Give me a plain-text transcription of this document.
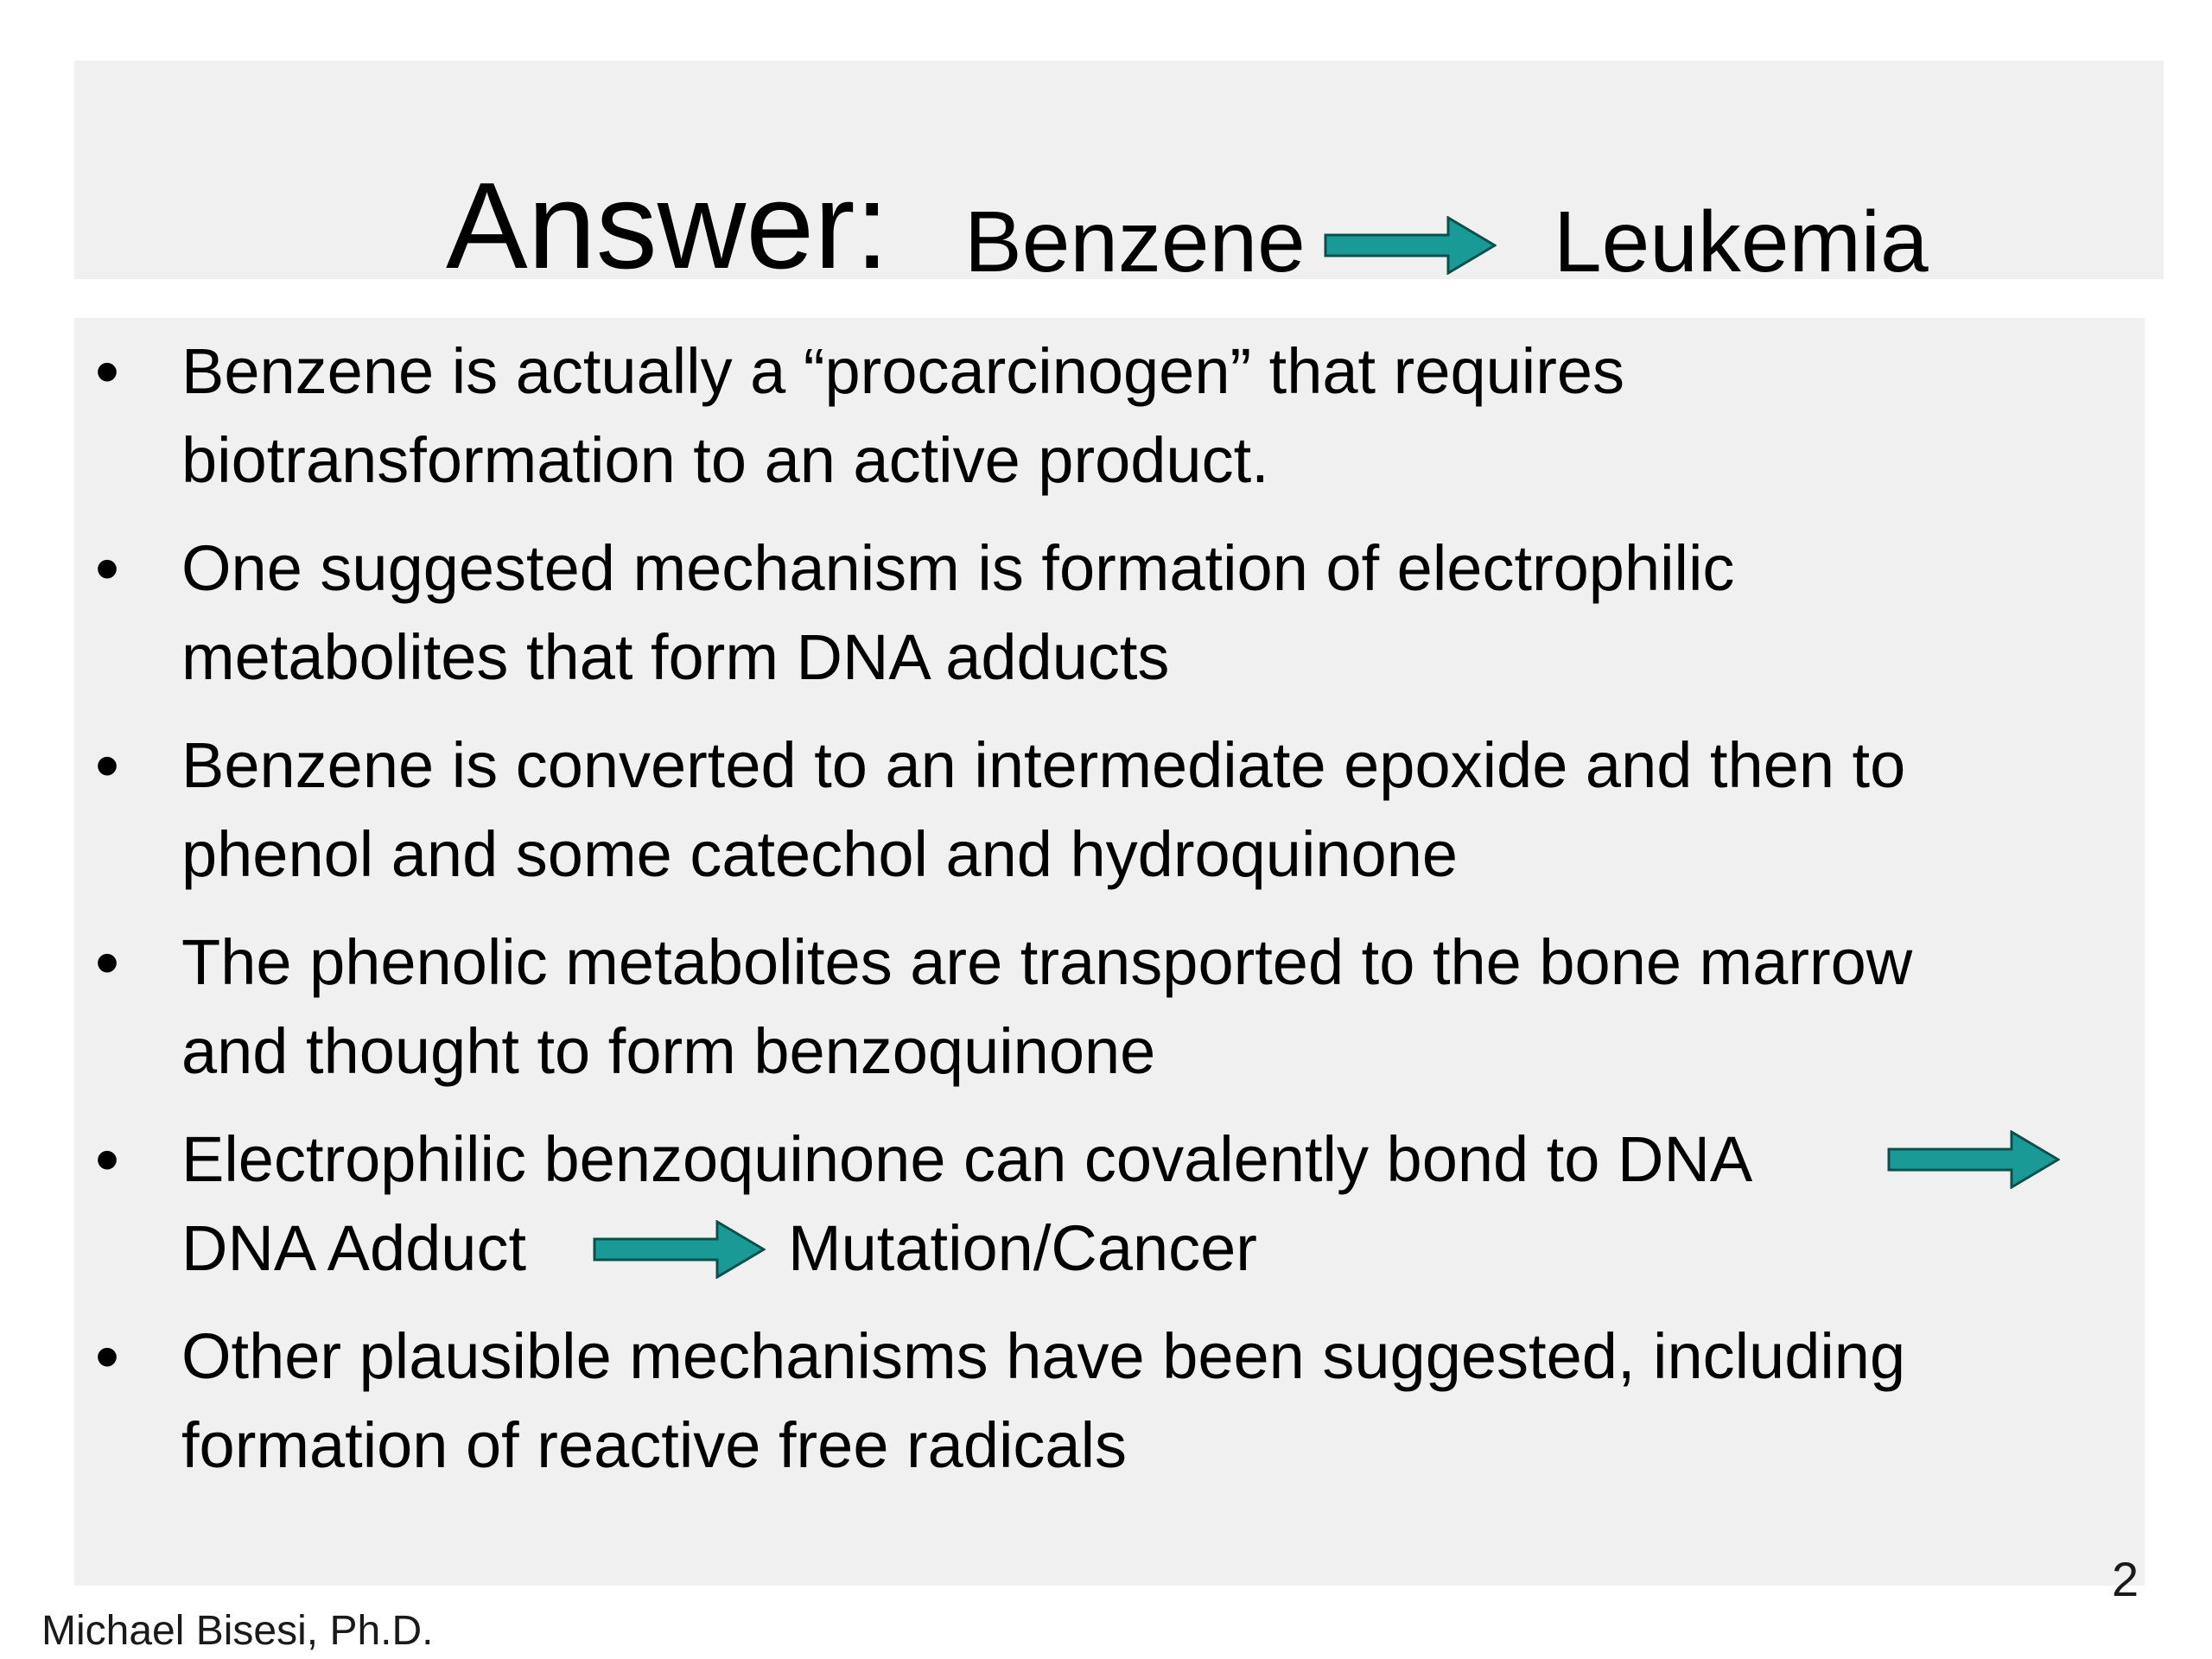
Answer: Benzene	Leukemia
• Benzene is actually a “procarcinogen” that requires
biotransformation to an active product.
• One suggested mechanism is formation of electrophilic
metabolites that form DNA adducts
• Benzene is converted to an intermediate epoxide and then to
phenol and some catechol and hydroquinone
• The phenolic metabolites are transported to the bone marrow
and thought to form benzoquinone
• Electrophilic benzoquinone can covalently bond to DNA
DNA Adduct	Mutation/Cancer
• Other plausible mechanisms have been suggested, including
formation of reactive free radicals
2
Michael Bisesi, Ph.D.
